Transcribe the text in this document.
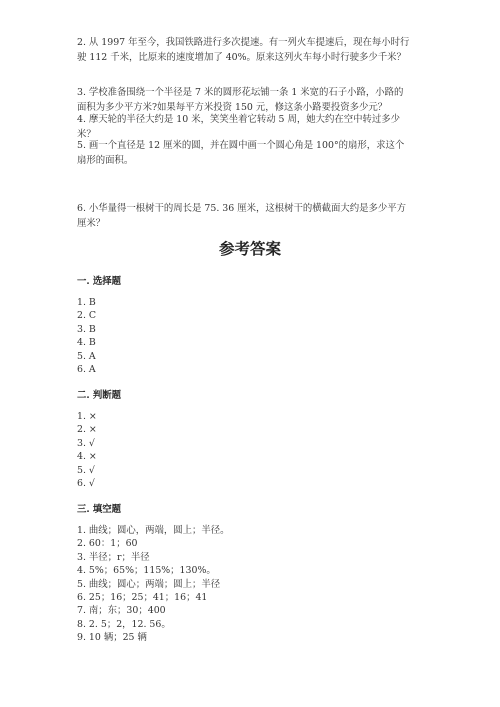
2. 从 1997 年至今，我国铁路进行多次提速。有一列火车提速后，现在每小时行
驶 112 千米，比原来的速度增加了 40%。原来这列火车每小时行驶多少千米？
3. 学校准备围绕一个半径是 7 米的圆形花坛铺一条 1 米宽的石子小路，小路的
面积为多少平方米?如果每平方米投资 150 元，修这条小路要投资多少元？
4. 摩天轮的半径大约是 10 米，笑笑坐着它转动 5 周，她大约在空中转过多少
米？
5. 画一个直径是 12 厘米的圆，并在圆中画一个圆心角是 100°的扇形，求这个
扇形的面积。
6. 小华量得一根树干的周长是 75. 36 厘米，这根树干的横截面大约是多少平方
厘米？
参考答案
一. 选择题
1. B
2. C
3. B
4. B
5. A
6. A
二. 判断题
1. ×
2. ×
3. √
4. ×
5. √
6. √
三. 填空题
1. 曲线；圆心，两端，圆上；半径。
2. 60：1；60
3. 半径；r；半径
4. 5%；65%；115%；130%。
5. 曲线；圆心；两端；圆上；半径
6. 25；16；25；41；16；41
7. 南；东；30；400
8. 2. 5；2，12. 56。
9. 10 辆；25 辆
